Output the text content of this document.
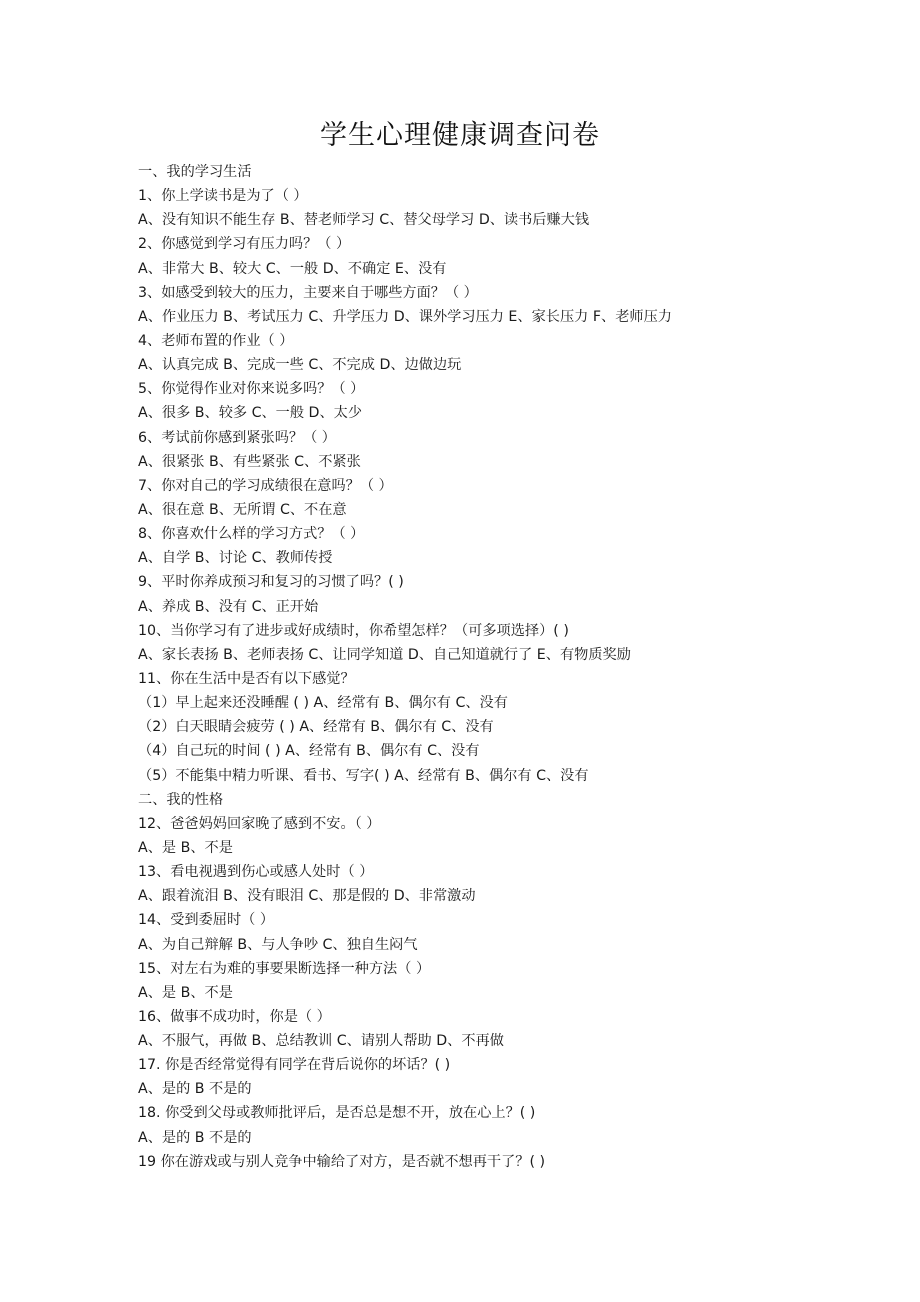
学生心理健康调查问卷
一、我的学习生活
1、你上学读书是为了（ ）
A、没有知识不能生存 B、替老师学习 C、替父母学习 D、读书后赚大钱
2、你感觉到学习有压力吗？（ ）
A、非常大 B、较大 C、一般 D、不确定 E、没有
3、如感受到较大的压力，主要来自于哪些方面？（ ）
A、作业压力 B、考试压力 C、升学压力 D、课外学习压力 E、家长压力 F、老师压力
4、老师布置的作业（ ）
A、认真完成 B、完成一些 C、不完成 D、边做边玩
5、你觉得作业对你来说多吗？（ ）
A、很多 B、较多 C、一般 D、太少
6、考试前你感到紧张吗？（ ）
A、很紧张 B、有些紧张 C、不紧张
7、你对自己的学习成绩很在意吗？（ ）
A、很在意 B、无所谓 C、不在意
8、你喜欢什么样的学习方式？（ ）
A、自学 B、讨论 C、教师传授
9、平时你养成预习和复习的习惯了吗？( )
A、养成 B、没有 C、正开始
10、当你学习有了进步或好成绩时，你希望怎样？（可多项选择）( )
A、家长表扬 B、老师表扬 C、让同学知道 D、自己知道就行了 E、有物质奖励
11、你在生活中是否有以下感觉？
（1）早上起来还没睡醒 ( ) A、经常有 B、偶尔有 C、没有
（2）白天眼睛会疲劳 ( ) A、经常有 B、偶尔有 C、没有
（4）自己玩的时间 ( ) A、经常有 B、偶尔有 C、没有
（5）不能集中精力听课、看书、写字( ) A、经常有 B、偶尔有 C、没有
二、我的性格
12、爸爸妈妈回家晚了感到不安。（ ）
A、是 B、不是
13、看电视遇到伤心或感人处时（ ）
A、跟着流泪 B、没有眼泪 C、那是假的 D、非常激动
14、受到委屈时（ ）
A、为自己辩解 B、与人争吵 C、独自生闷气
15、对左右为难的事要果断选择一种方法（ ）
A、是 B、不是
16、做事不成功时，你是（ ）
A、不服气，再做 B、总结教训 C、请别人帮助 D、不再做
17. 你是否经常觉得有同学在背后说你的坏话？( )
A、是的 B 不是的
18. 你受到父母或教师批评后，是否总是想不开，放在心上？( )
A、是的 B 不是的
19 你在游戏或与别人竞争中输给了对方，是否就不想再干了？( )
